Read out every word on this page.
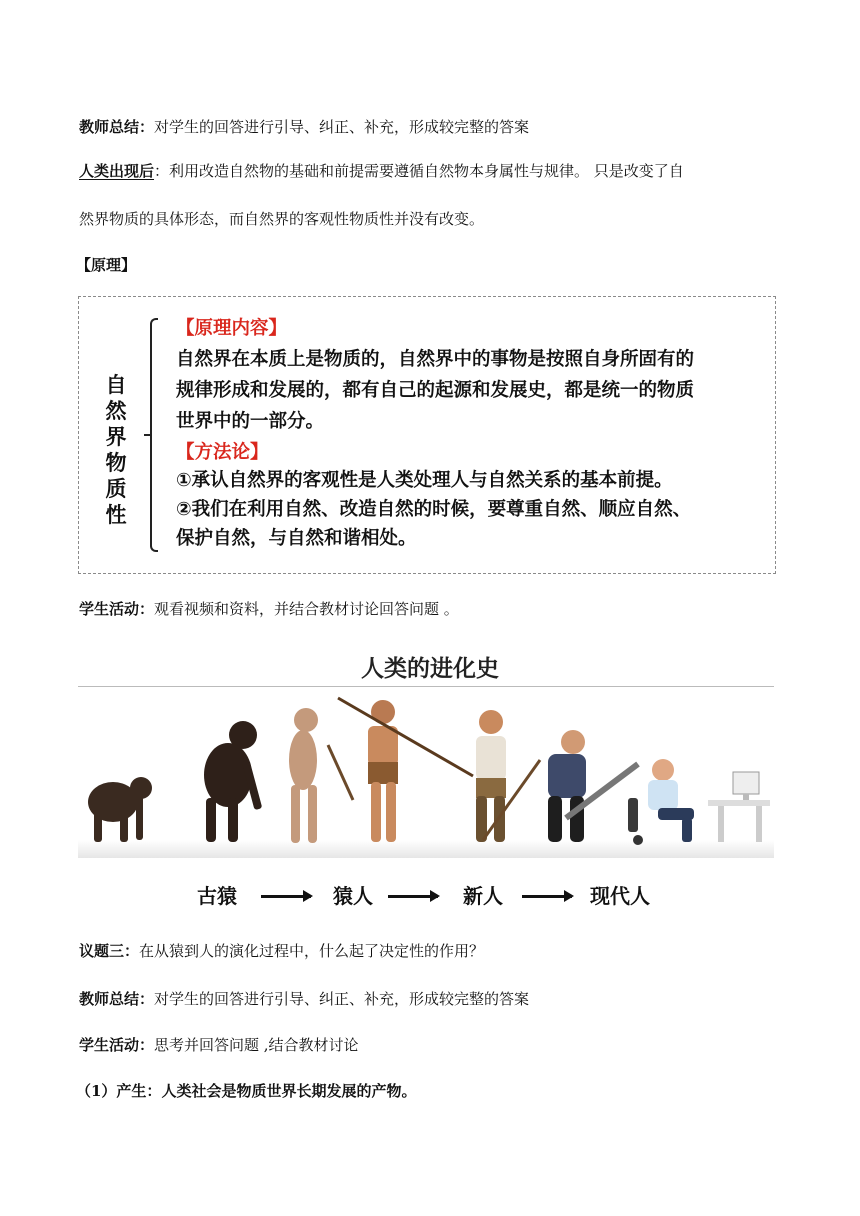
教师总结：对学生的回答进行引导、纠正、补充，形成较完整的答案
人类出现后：利用改造自然物的基础和前提需要遵循自然物本身属性与规律。 只是改变了自
然界物质的具体形态，而自然界的客观性物质性并没有改变。
【原理】
自
然
界
物
质
性
【原理内容】
自然界在本质上是物质的，自然界中的事物是按照自身所固有的
规律形成和发展的，都有自己的起源和发展史，都是统一的物质
世界中的一部分。
【方法论】
①承认自然界的客观性是人类处理人与自然关系的基本前提。
②我们在利用自然、改造自然的时候，要尊重自然、顺应自然、
保护自然，与自然和谐相处。
学生活动：观看视频和资料，并结合教材讨论回答问题 。
人类的进化史
古猿	猿人	新人	现代人
议题三：在从猿到人的演化过程中，什么起了决定性的作用？
教师总结：对学生的回答进行引导、纠正、补充，形成较完整的答案
学生活动：思考并回答问题 ,结合教材讨论
（1）产生：人类社会是物质世界长期发展的产物。
